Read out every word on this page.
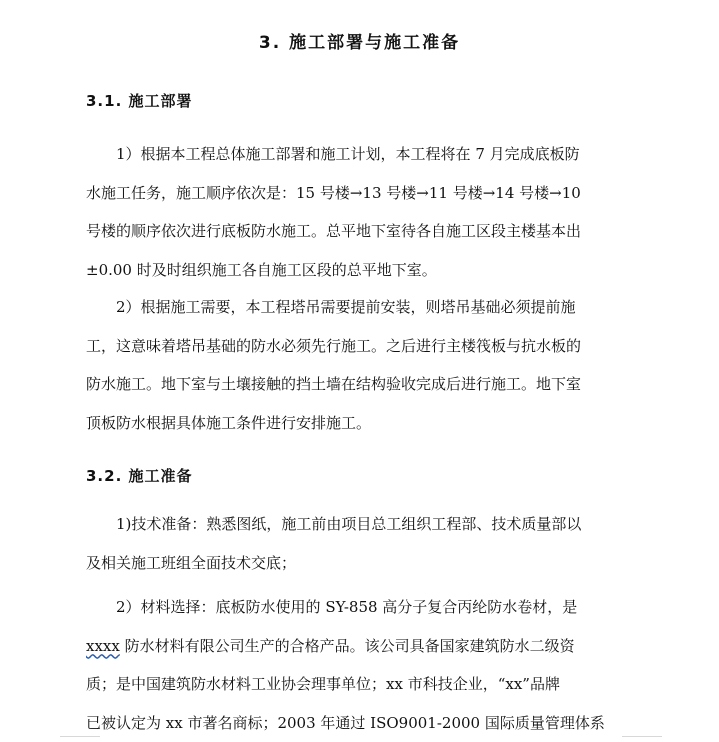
3. 施工部署与施工准备
3.1. 施工部署
1）根据本工程总体施工部署和施工计划，本工程将在 7 月完成底板防
水施工任务，施工顺序依次是：15 号楼→13 号楼→11 号楼→14 号楼→10
号楼的顺序依次进行底板防水施工。总平地下室待各自施工区段主楼基本出
±0.00 时及时组织施工各自施工区段的总平地下室。
2）根据施工需要，本工程塔吊需要提前安装，则塔吊基础必须提前施
工，这意味着塔吊基础的防水必须先行施工。之后进行主楼筏板与抗水板的
防水施工。地下室与土壤接触的挡土墙在结构验收完成后进行施工。地下室
顶板防水根据具体施工条件进行安排施工。
3.2. 施工准备
1)技术准备：熟悉图纸，施工前由项目总工组织工程部、技术质量部以
及相关施工班组全面技术交底；
2）材料选择：底板防水使用的 SY-858 高分子复合丙纶防水卷材，是
xxxx 防水材料有限公司生产的合格产品。该公司具备国家建筑防水二级资
质；是中国建筑防水材料工业协会理事单位；xx 市科技企业，“xx”品牌
已被认定为 xx 市著名商标；2003 年通过 ISO9001-2000 国际质量管理体系
